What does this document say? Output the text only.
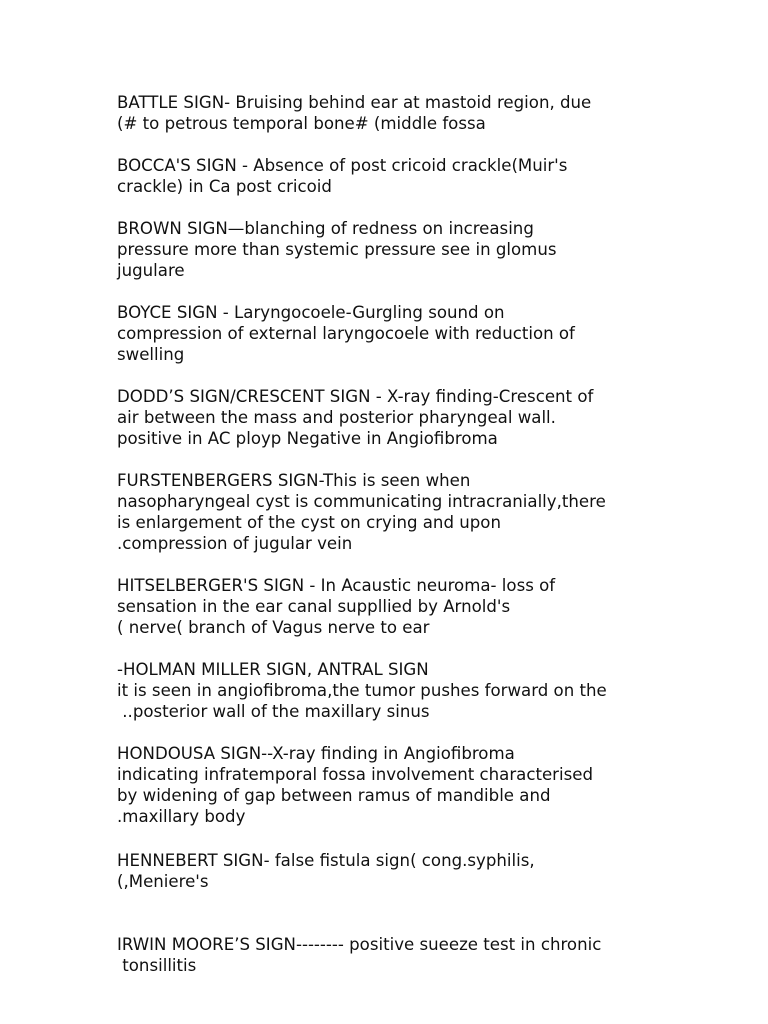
BATTLE SIGN- Bruising behind ear at mastoid region, due
(# to petrous temporal bone# (middle fossa
BOCCA'S SIGN - Absence of post cricoid crackle(Muir's
crackle) in Ca post cricoid
BROWN SIGN—blanching of redness on increasing
pressure more than systemic pressure see in glomus
jugulare
BOYCE SIGN - Laryngocoele-Gurgling sound on
compression of external laryngocoele with reduction of
swelling
DODD’S SIGN/CRESCENT SIGN - X-ray finding-Crescent of
air between the mass and posterior pharyngeal wall.
positive in AC ployp Negative in Angiofibroma
FURSTENBERGERS SIGN-This is seen when
nasopharyngeal cyst is communicating intracranially,there
is enlargement of the cyst on crying and upon
.compression of jugular vein
HITSELBERGER'S SIGN - In Acaustic neuroma- loss of
sensation in the ear canal suppllied by Arnold's
( nerve( branch of Vagus nerve to ear
-HOLMAN MILLER SIGN, ANTRAL SIGN
it is seen in angiofibroma,the tumor pushes forward on the
..posterior wall of the maxillary sinus
HONDOUSA SIGN--X-ray finding in Angiofibroma
indicating infratemporal fossa involvement characterised
by widening of gap between ramus of mandible and
.maxillary body
HENNEBERT SIGN- false fistula sign( cong.syphilis,
(,Meniere's
IRWIN MOORE’S SIGN-------- positive sueeze test in chronic
tonsillitis
